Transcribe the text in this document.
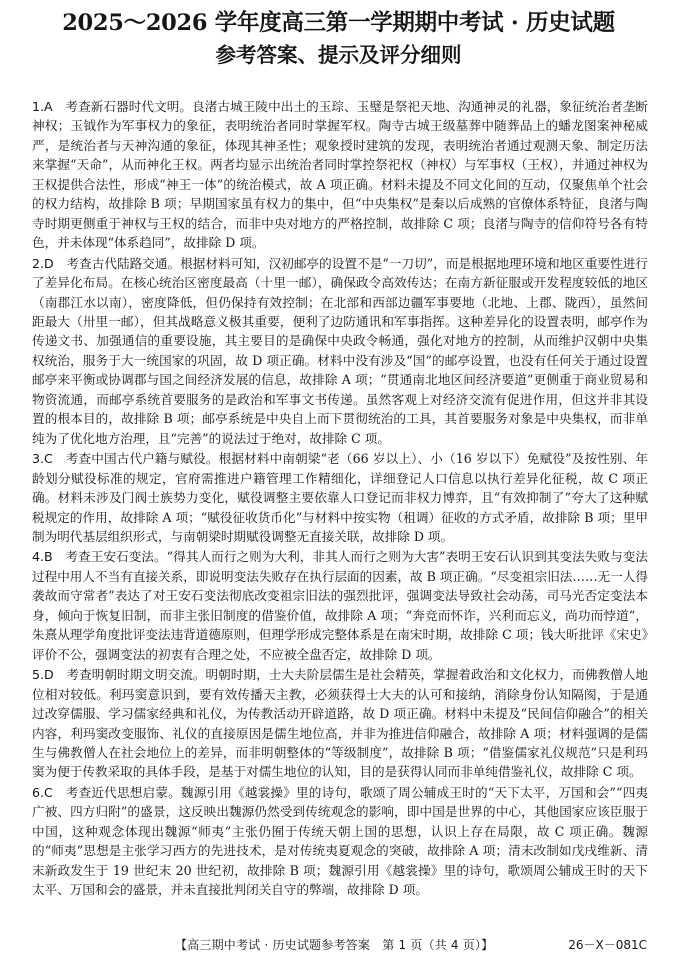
2025～2026 学年度高三第一学期期中考试 · 历史试题
参考答案、提示及评分细则

1.A　 考查新石器时代文明。良渚古城王陵中出土的玉琮、玉璧是祭祀天地、沟通神灵的礼器，象征统治者垄断神权；玉钺作为军事权力的象征，表明统治者同时掌握军权。陶寺古城王级墓葬中随葬品上的蟠龙图案神秘威严，是统治者与天神沟通的象征，体现其神圣性；观象授时建筑的发现，表明统治者通过观测天象、制定历法来掌握“天命”，从而神化王权。两者均显示出统治者同时掌控祭祀权（神权）与军事权（王权），并通过神权为王权提供合法性，形成“神王一体”的统治模式，故 A 项正确。材料未提及不同文化间的互动，仅聚焦单个社会的权力结构，故排除 B 项；早期国家虽有权力的集中，但“中央集权”是秦以后成熟的官僚体系特征，良渚与陶寺时期更侧重于神权与王权的结合，而非中央对地方的严格控制，故排除 C 项；良渚与陶寺的信仰符号各有特色，并未体现“体系趋同”，故排除 D 项。

2.D　 考查古代陆路交通。根据材料可知，汉初邮亭的设置不是“一刀切”，而是根据地理环境和地区重要性进行了差异化布局。在核心统治区密度最高（十里一邮），确保政令高效传达；在南方新征服或开发程度较低的地区（南郡江水以南），密度降低，但仍保持有效控制；在北部和西部边疆军事要地（北地、上郡、陇西），虽然间距最大（卅里一邮），但其战略意义极其重要，便利了边防通讯和军事指挥。这种差异化的设置表明，邮亭作为传递文书、加强通信的重要设施，其主要目的是确保中央政令畅通，强化对地方的控制，从而维护汉朝中央集权统治，服务于大一统国家的巩固，故 D 项正确。材料中没有涉及“国”的邮亭设置，也没有任何关于通过设置邮亭来平衡或协调郡与国之间经济发展的信息，故排除 A 项；“贯通南北地区间经济要道”更侧重于商业贸易和物资流通，而邮亭系统首要服务的是政治和军事文书传递。虽然客观上对经济交流有促进作用，但这并非其设置的根本目的，故排除 B 项；邮亭系统是中央自上而下贯彻统治的工具，其首要服务对象是中央集权，而非单纯为了优化地方治理，且“完善”的说法过于绝对，故排除 C 项。

3.C　 考查中国古代户籍与赋役。根据材料中南朝梁“老（66 岁以上）、小（16 岁以下）免赋役”及按性别、年龄划分赋役标准的规定，官府需推进户籍管理工作精细化，详细登记人口信息以执行差异化征税，故 C 项正确。材料未涉及门阀士族势力变化，赋役调整主要依靠人口登记而非权力博弈，且“有效抑制了”夸大了这种赋税规定的作用，故排除 A 项；“赋役征收货币化”与材料中按实物（租调）征收的方式矛盾，故排除 B 项；里甲制为明代基层组织形式，与南朝梁时期赋役调整无直接关联，故排除 D 项。

4.B　 考查王安石变法。“得其人而行之则为大利，非其人而行之则为大害”表明王安石认识到其变法失败与变法过程中用人不当有直接关系，即说明变法失败存在执行层面的因素，故 B 项正确。“尽变祖宗旧法……无一人得袭故而守常者”表达了对王安石变法彻底改变祖宗旧法的强烈批评，强调变法导致社会动荡，司马光否定变法本身，倾向于恢复旧制，而非主张旧制度的借鉴价值，故排除 A 项；“奔竞而怀诈，兴利而忘义，尚功而悖道”，朱熹从理学角度批评变法违背道德原则，但理学形成完整体系是在南宋时期，故排除 C 项；钱大昕批评《宋史》评价不公，强调变法的初衷有合理之处，不应被全盘否定，故排除 D 项。

5.D　 考查明朝时期文明交流。明朝时期，士大夫阶层儒生是社会精英，掌握着政治和文化权力，而佛教僧人地位相对较低。利玛窦意识到，要有效传播天主教，必须获得士大夫的认可和接纳，消除身份认知隔阂，于是通过改穿儒服、学习儒家经典和礼仪，为传教活动开辟道路，故 D 项正确。材料中未提及“民间信仰融合”的相关内容，利玛窦改变服饰、礼仪的直接原因是儒生地位高，并非为推进信仰融合，故排除 A 项；材料强调的是儒生与佛教僧人在社会地位上的差异，而非明朝整体的“等级制度”，故排除 B 项；“借鉴儒家礼仪规范”只是利玛窦为便于传教采取的具体手段，是基于对儒生地位的认知，目的是获得认同而非单纯借鉴礼仪，故排除 C 项。

6.C　 考查近代思想启蒙。魏源引用《越裳操》里的诗句，歌颂了周公辅成王时的“天下太平，万国和会”“四夷广被、四方归附”的盛景，这反映出魏源仍然受到传统观念的影响，即中国是世界的中心，其他国家应该臣服于中国，这种观念体现出魏源“师夷”主张仍囿于传统天朝上国的思想，认识上存在局限，故 C 项正确。魏源的“师夷”思想是主张学习西方的先进技术，是对传统夷夏观念的突破，故排除 A 项；清末改制如戊戌维新、清末新政发生于 19 世纪末 20 世纪初，故排除 B 项；魏源引用《越裳操》里的诗句，歌颂周公辅成王时的天下太平、万国和会的盛景，并未直接批判闭关自守的弊端，故排除 D 项。

【高三期中考试 · 历史试题参考答案　第 1 页（共 4 页）】	26－X－081C
